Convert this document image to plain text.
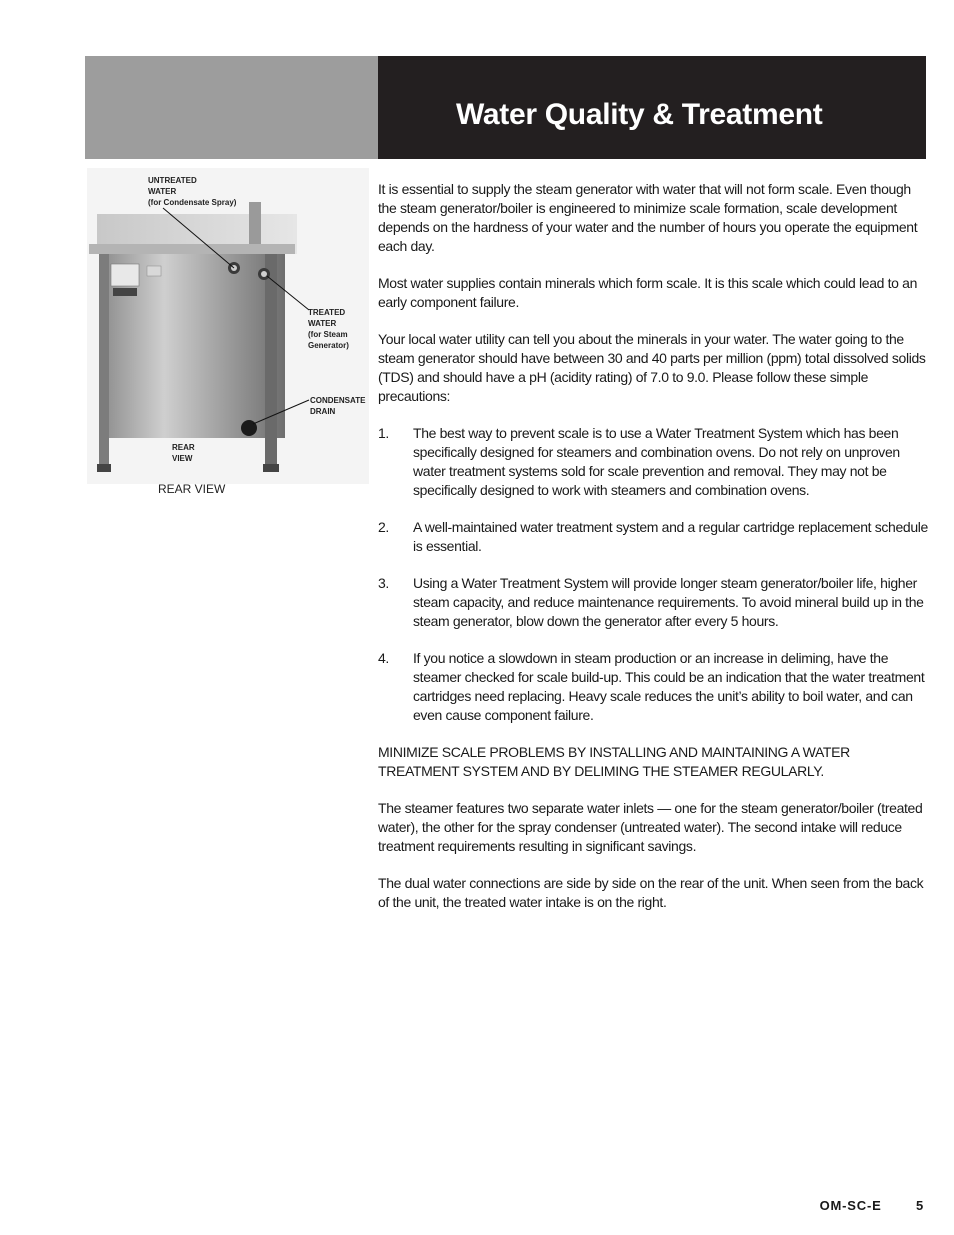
Water Quality & Treatment
UNTREATED
WATER
(for Condensate Spray)
TREATED
WATER
(for Steam
Generator)
CONDENSATE
DRAIN
REAR
VIEW
REAR VIEW

It is essential to supply the steam generator with water that will not form scale. Even though the steam generator/boiler is engineered to minimize scale formation, scale development depends on the hardness of your water and the number of hours you operate the equipment each day.

Most water supplies contain minerals which form scale. It is this scale which could lead to an early component failure.

Your local water utility can tell you about the minerals in your water. The water going to the steam generator should have between 30 and 40 parts per million (ppm) total dissolved solids (TDS) and should have a pH (acidity rating) of 7.0 to 9.0. Please follow these simple precautions:

1. The best way to prevent scale is to use a Water Treatment System which has been specifically designed for steamers and combination ovens. Do not rely on unproven water treatment systems sold for scale prevention and removal. They may not be specifically designed to work with steamers and combination ovens.
2. A well-maintained water treatment system and a regular cartridge replacement schedule is essential.
3. Using a Water Treatment System will provide longer steam generator/boiler life, higher steam capacity, and reduce maintenance requirements. To avoid mineral build up in the steam generator, blow down the generator after every 5 hours.
4. If you notice a slowdown in steam production or an increase in deliming, have the steamer checked for scale build-up. This could be an indication that the water treatment cartridges need replacing. Heavy scale reduces the unit’s ability to boil water, and can even cause component failure.

MINIMIZE SCALE PROBLEMS BY INSTALLING AND MAINTAINING A WATER TREATMENT SYSTEM AND BY DELIMING THE STEAMER REGULARLY.

The steamer features two separate water inlets — one for the steam generator/boiler (treated water), the other for the spray condenser (untreated water). The second intake will reduce treatment requirements resulting in significant savings.

The dual water connections are side by side on the rear of the unit. When seen from the back of the unit, the treated water intake is on the right.

OM-SC-E	5
